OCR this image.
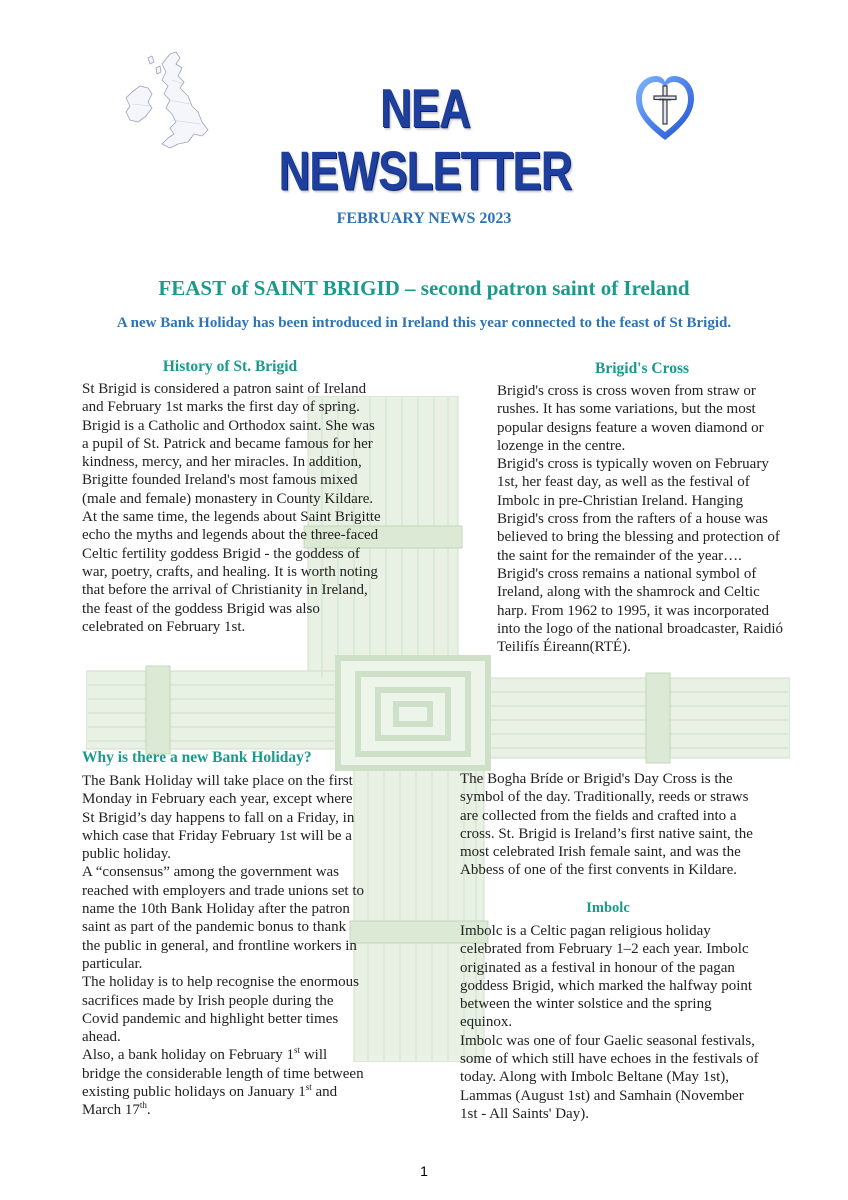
NEA NEWSLETTER
STELLA
FEBRUARY NEWS 2023
FEAST of SAINT BRIGID – second patron saint of Ireland
A new Bank Holiday has been introduced in Ireland this year connected to the feast of St Brigid.
History of St. Brigid

St Brigid is considered a patron saint of Ireland and February 1st marks the first day of spring. Brigid is a Catholic and Orthodox saint. She was a pupil of St. Patrick and became famous for her kindness, mercy, and her miracles. In addition, Brigitte founded Ireland's most famous mixed (male and female) monastery in County Kildare.

At the same time, the legends about Saint Brigitte echo the myths and legends about the three-faced Celtic fertility goddess Brigid - the goddess of war, poetry, crafts, and healing. It is worth noting that before the arrival of Christianity in Ireland, the feast of the goddess Brigid was also celebrated on February 1st.

Brigid's Cross

Brigid's cross is cross woven from straw or rushes. It has some variations, but the most popular designs feature a woven diamond or lozenge in the centre.

Brigid's cross is typically woven on February 1st, her feast day, as well as the festival of Imbolc in pre-Christian Ireland. Hanging Brigid's cross from the rafters of a house was believed to bring the blessing and protection of the saint for the remainder of the year….

Brigid's cross remains a national symbol of Ireland, along with the shamrock and Celtic harp. From 1962 to 1995, it was incorporated into the logo of the national broadcaster, Raidió Teilifís Éireann(RTÉ).

Why is there a new Bank Holiday?

The Bank Holiday will take place on the first Monday in February each year, except where St Brigid’s day happens to fall on a Friday, in which case that Friday February 1st will be a public holiday.

A “consensus” among the government was reached with employers and trade unions set to name the 10th Bank Holiday after the patron saint as part of the pandemic bonus to thank the public in general, and frontline workers in particular.

The holiday is to help recognise the enormous sacrifices made by Irish people during the Covid pandemic and highlight better times ahead.

Also, a bank holiday on February 1st will bridge the considerable length of time between existing public holidays on January 1st and March 17th.

The Bogha Bríde or Brigid's Day Cross is the symbol of the day. Traditionally, reeds or straws are collected from the fields and crafted into a cross. St. Brigid is Ireland’s first native saint, the most celebrated Irish female saint, and was the Abbess of one of the first convents in Kildare.

Imbolc

Imbolc is a Celtic pagan religious holiday celebrated from February 1–2 each year. Imbolc originated as a festival in honour of the pagan goddess Brigid, which marked the halfway point between the winter solstice and the spring equinox.

Imbolc was one of four Gaelic seasonal festivals, some of which still have echoes in the festivals of today. Along with Imbolc Beltane (May 1st), Lammas (August 1st) and Samhain (November 1st - All Saints' Day).

1
